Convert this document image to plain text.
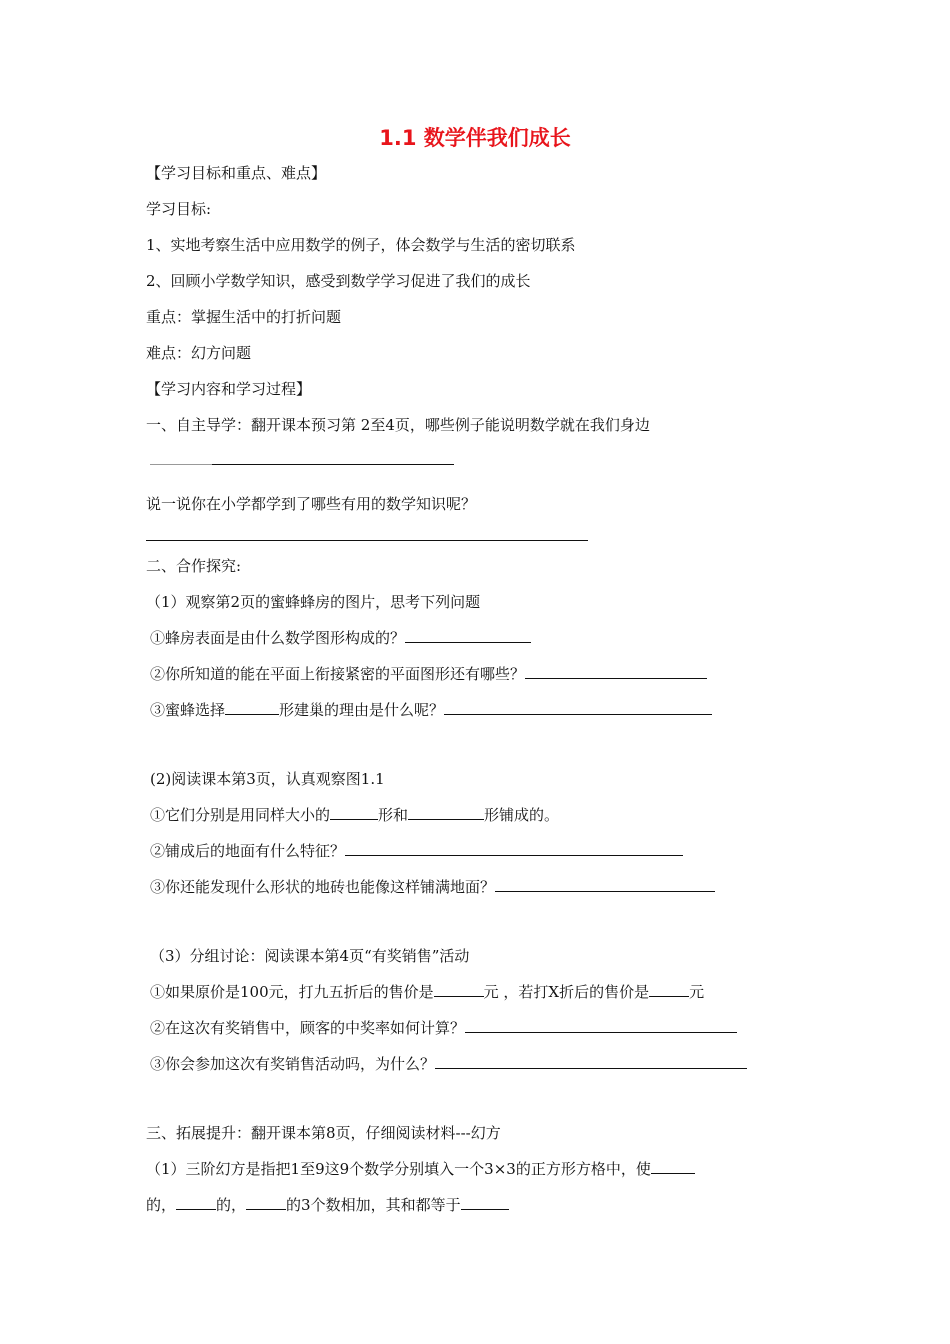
1.1 数学伴我们成长
【学习目标和重点、难点】
学习目标:
1、实地考察生活中应用数学的例子，体会数学与生活的密切联系
2、回顾小学数学知识，感受到数学学习促进了我们的成长
重点：掌握生活中的打折问题
难点：幻方问题
【学习内容和学习过程】
一、自主导学：翻开课本预习第 2至4页，哪些例子能说明数学就在我们身边
说一说你在小学都学到了哪些有用的数学知识呢？
二、合作探究:
（1）观察第2页的蜜蜂蜂房的图片，思考下列问题
①蜂房表面是由什么数学图形构成的？
②你所知道的能在平面上衔接紧密的平面图形还有哪些？
③蜜蜂选择	形建巢的理由是什么呢？
(2)阅读课本第3页，认真观察图1.1
①它们分别是用同样大小的	形和	形铺成的。
②铺成后的地面有什么特征？
③你还能发现什么形状的地砖也能像这样铺满地面？
（3）分组讨论：阅读课本第4页“有奖销售”活动
①如果原价是100元，打九五折后的售价是	元 ，若打X折后的售价是	元
②在这次有奖销售中，顾客的中奖率如何计算？
③你会参加这次有奖销售活动吗，为什么？
三、拓展提升：翻开课本第8页，仔细阅读材料---幻方
（1）三阶幻方是指把1至9这9个数学分别填入一个3×3的正方形方格中，使
的，	的，	的3个数相加，其和都等于
